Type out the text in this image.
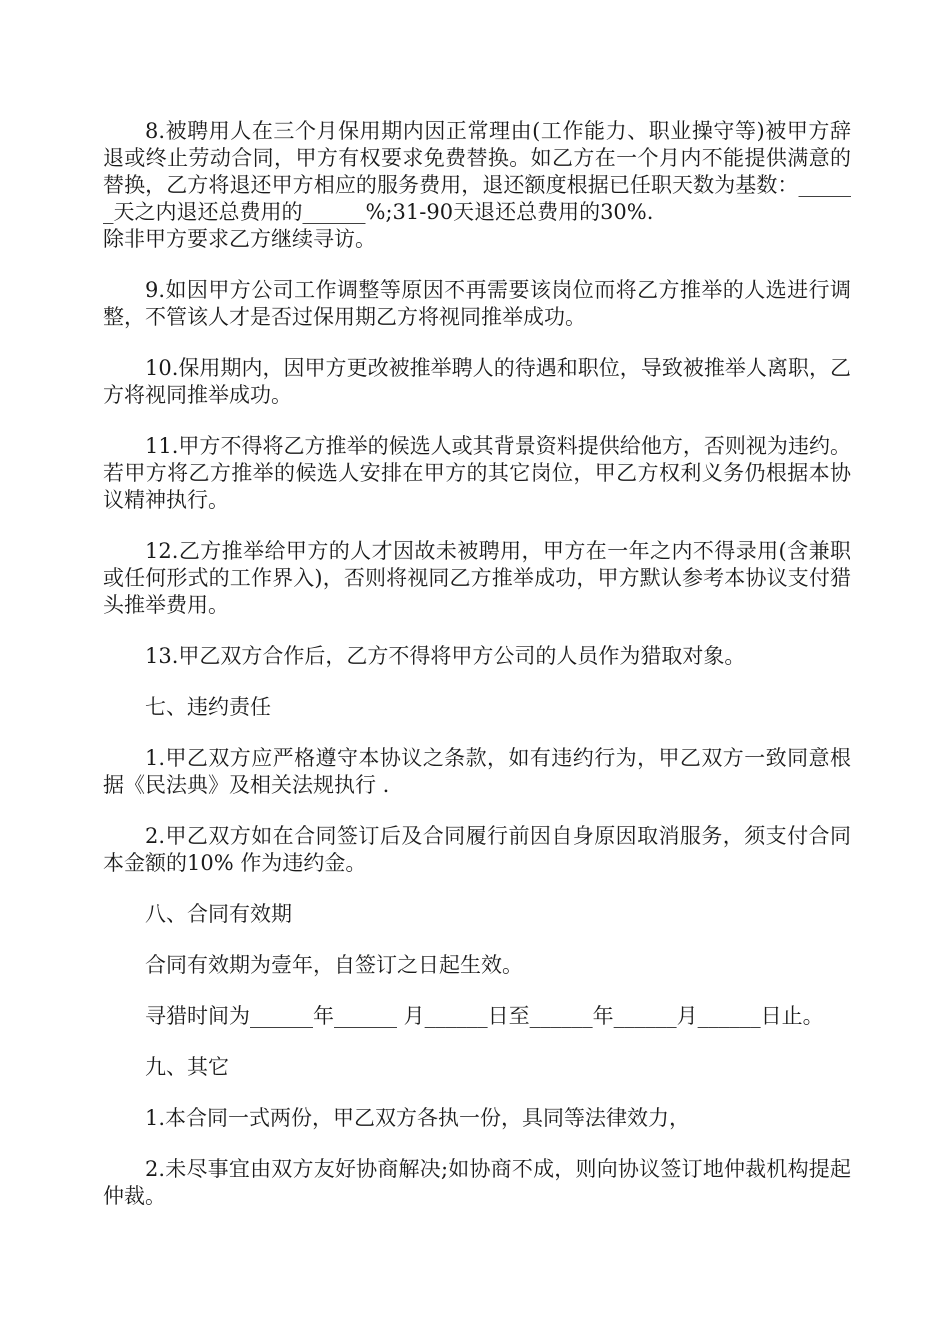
8.被聘用人在三个月保用期内因正常理由(工作能力、职业操守等)被甲方辞退或终止劳动合同，甲方有权要求免费替换。如乙方在一个月内不能提供满意的替换，乙方将退还甲方相应的服务费用，退还额度根据已任职天数为基数：______天之内退还总费用的______%;31-90天退还总费用的30%.

除非甲方要求乙方继续寻访。

9.如因甲方公司工作调整等原因不再需要该岗位而将乙方推举的人选进行调整，不管该人才是否过保用期乙方将视同推举成功。

10.保用期内，因甲方更改被推举聘人的待遇和职位，导致被推举人离职，乙方将视同推举成功。

11.甲方不得将乙方推举的候选人或其背景资料提供给他方，否则视为违约。若甲方将乙方推举的候选人安排在甲方的其它岗位，甲乙方权利义务仍根据本协议精神执行。

12.乙方推举给甲方的人才因故未被聘用，甲方在一年之内不得录用(含兼职或任何形式的工作界入)，否则将视同乙方推举成功，甲方默认参考本协议支付猎头推举费用。

13.甲乙双方合作后，乙方不得将甲方公司的人员作为猎取对象。

七、违约责任

1.甲乙双方应严格遵守本协议之条款，如有违约行为，甲乙双方一致同意根据《民法典》及相关法规执行 .

2.甲乙双方如在合同签订后及合同履行前因自身原因取消服务，须支付合同本金额的10% 作为违约金。

八、合同有效期

合同有效期为壹年，自签订之日起生效。

寻猎时间为______年______ 月______日至______年______月______日止。

九、其它

1.本合同一式两份，甲乙双方各执一份，具同等法律效力，

2.未尽事宜由双方友好协商解决;如协商不成，则向协议签订地仲裁机构提起仲裁。
